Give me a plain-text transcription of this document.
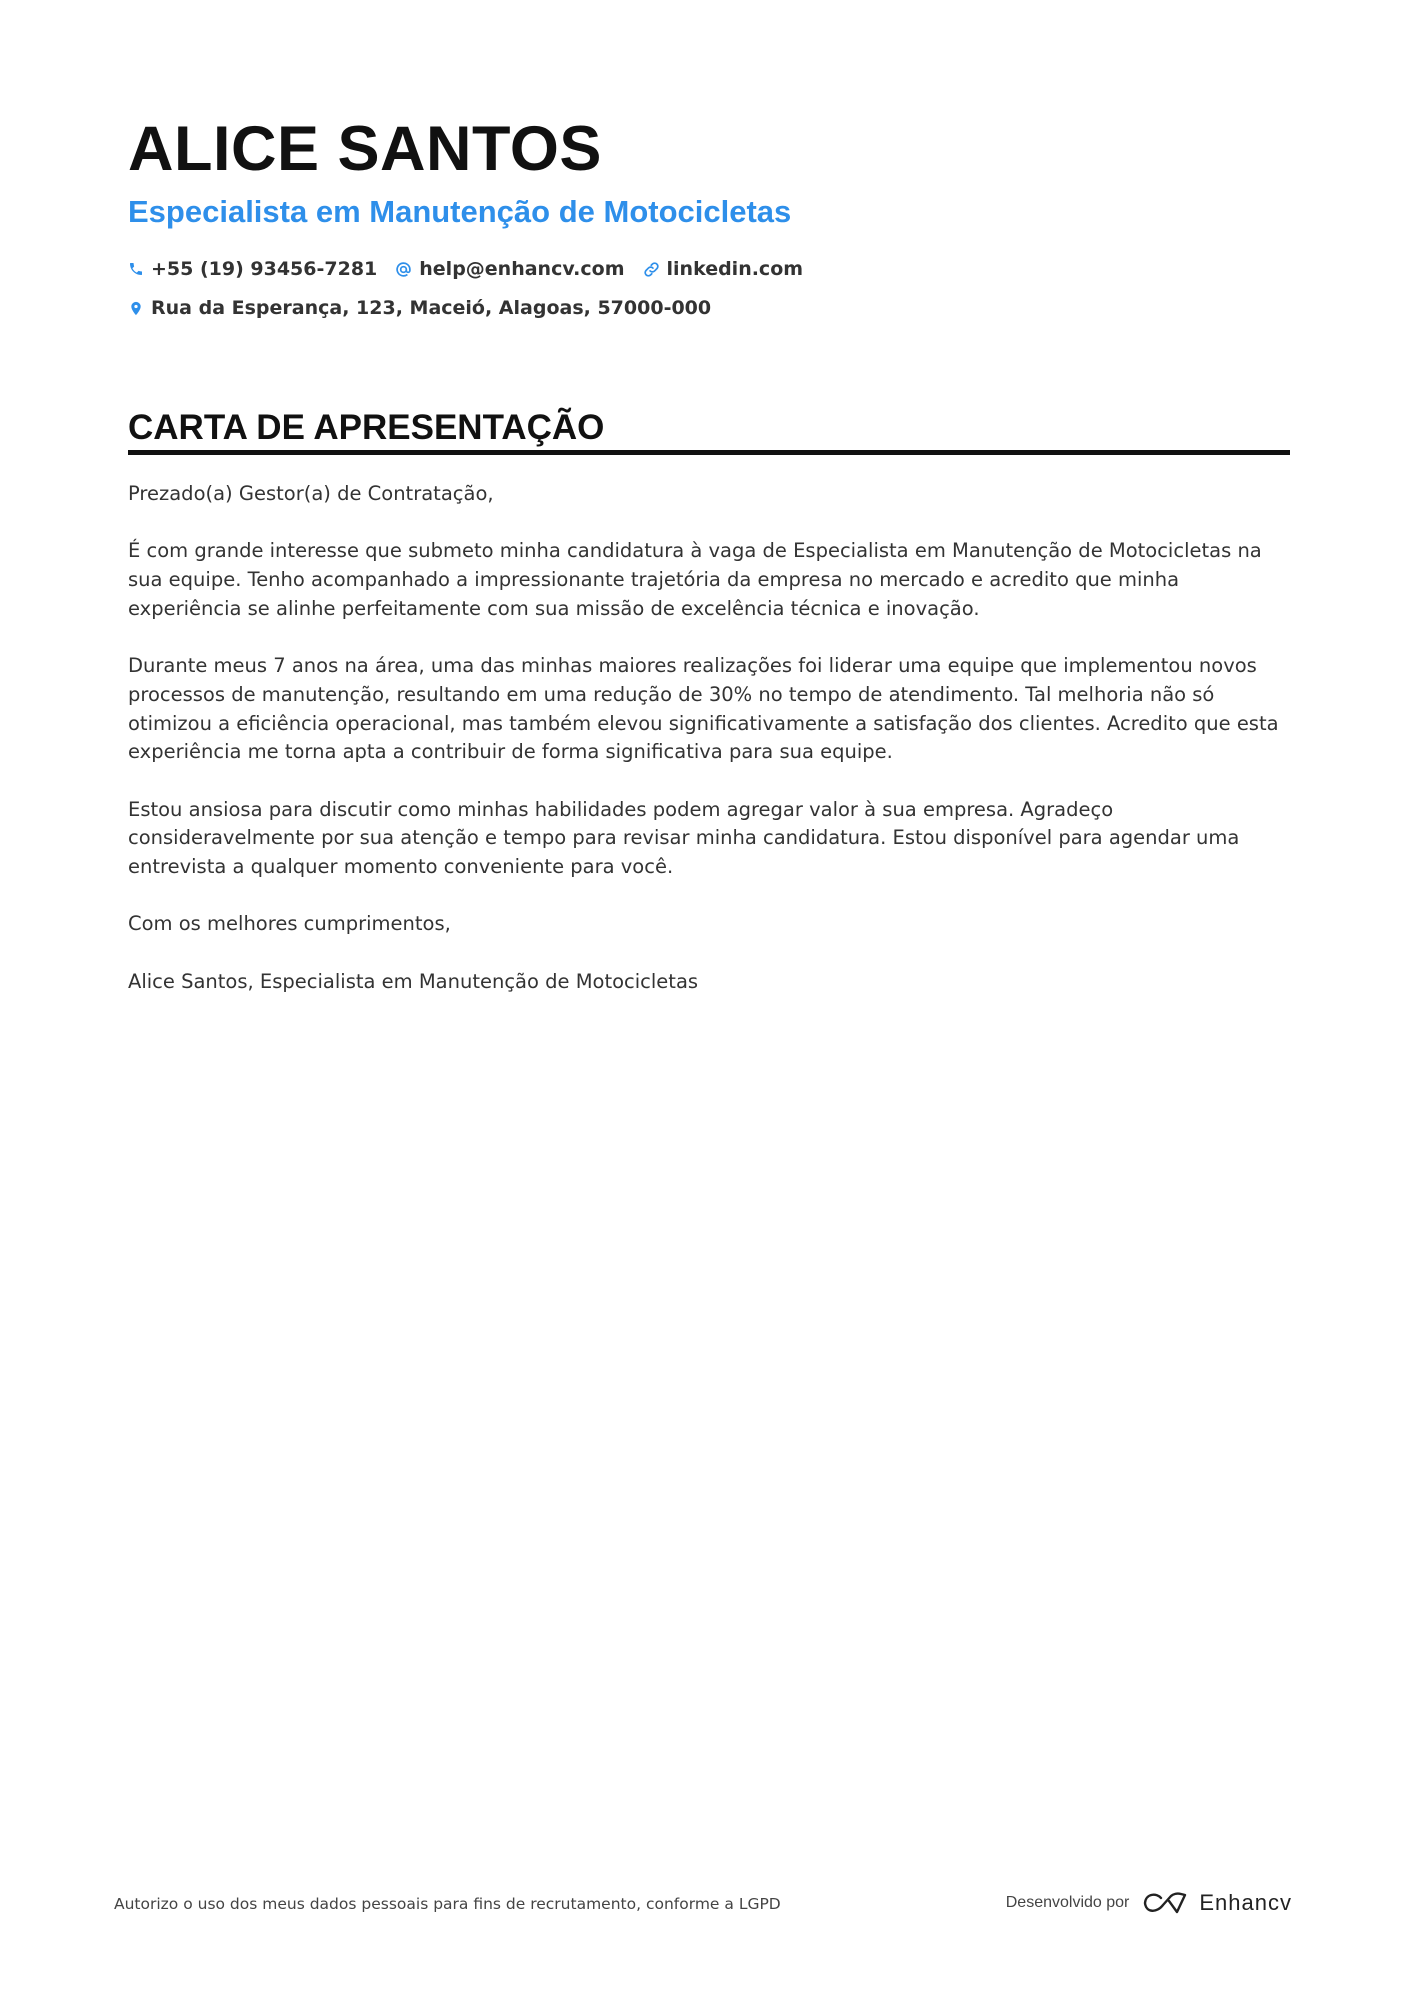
ALICE SANTOS
Especialista em Manutenção de Motocicletas
+55 (19) 93456-7281 help@enhancv.com linkedin.com
Rua da Esperança, 123, Maceió, Alagoas, 57000-000
CARTA DE APRESENTAÇÃO

Prezado(a) Gestor(a) de Contratação,

É com grande interesse que submeto minha candidatura à vaga de Especialista em Manutenção de Motocicletas na sua equipe. Tenho acompanhado a impressionante trajetória da empresa no mercado e acredito que minha experiência se alinhe perfeitamente com sua missão de excelência técnica e inovação.

Durante meus 7 anos na área, uma das minhas maiores realizações foi liderar uma equipe que implementou novos processos de manutenção, resultando em uma redução de 30% no tempo de atendimento. Tal melhoria não só otimizou a eficiência operacional, mas também elevou significativamente a satisfação dos clientes. Acredito que esta experiência me torna apta a contribuir de forma significativa para sua equipe.

Estou ansiosa para discutir como minhas habilidades podem agregar valor à sua empresa. Agradeço consideravelmente por sua atenção e tempo para revisar minha candidatura. Estou disponível para agendar uma entrevista a qualquer momento conveniente para você.

Com os melhores cumprimentos,

Alice Santos, Especialista em Manutenção de Motocicletas

Autorizo o uso dos meus dados pessoais para fins de recrutamento, conforme a LGPD	Desenvolvido por	Enhancv
